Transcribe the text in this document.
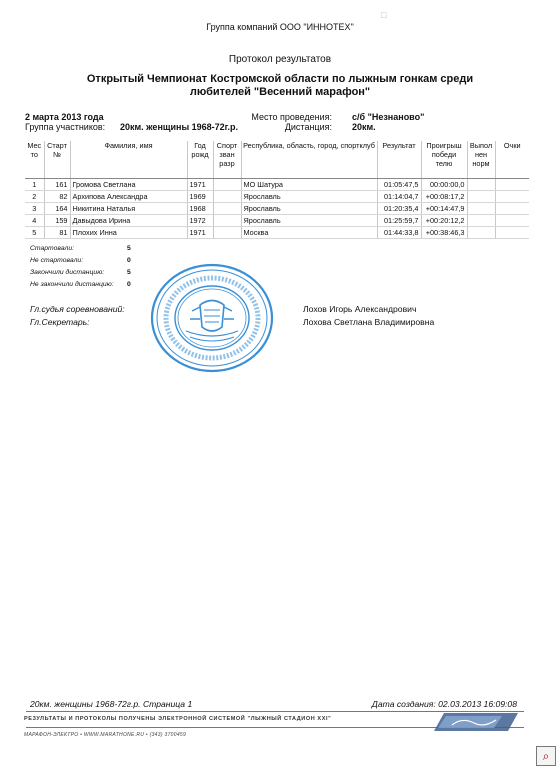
□
Группа компаний ООО "ИННОТЕХ"
Протокол результатов
Открытый Чемпионат Костромской области по лыжным гонкам среди
любителей "Весенний марафон"
2 марта 2013 года
Группа участников: 20км. женщины 1968-72г.р.
Место проведения: с/б "Незнаново"
Дистанция: 20км.
Мес то	Старт №	Фамилия, имя	Год рожд	Спорт зван разр	Республика, область, город, спортклуб	Результат	Проигрыш победи телю	Выпол нен норм	Очки
1	161	Громова Светлана	1971		МО Шатура	01:05:47,5	00:00:00,0		
2	82	Архипова Александра	1969		Ярославль	01:14:04,7	+00:08:17,2		
3	164	Никитина Наталья	1968		Ярославль	01:20:35,4	+00:14:47,9		
4	159	Давыдова Ирина	1972		Ярославль	01:25:59,7	+00:20:12,2		
5	81	Плохих Инна	1971		Москва	01:44:33,8	+00:38:46,3		
Стартовали:	5
Не стартовали:	0
Закончили дистанцию:	5
Не закончили дистанцию: 0
Гл.судья соревнований:	Лохов Игорь Александрович
Гл.Секретарь:	Лохова Светлана Владимировна
20км. женщины 1968-72г.р. Страница 1	Дата создания: 02.03.2013 16:09:08
РЕЗУЛЬТАТЫ И ПРОТОКОЛЫ ПОЛУЧЕНЫ ЭЛЕКТРОННОЙ СИСТЕМОЙ "ЛЫЖНЫЙ СТАДИОН XXI"
МАРАФОН-ЭЛЕКТРО • WWW.MARATHONE.RU • (343) 3700459
⌕
